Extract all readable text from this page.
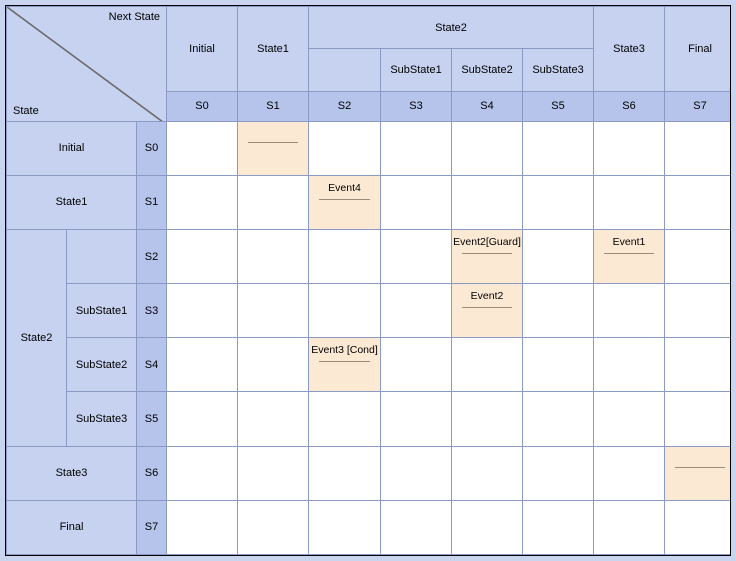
Next State
State			Initial	State1	State2				State3	Final
						SubState1	SubState2	SubState3		
			S0	S1	S2	S3	S4	S5	S6	S7
Initial		S0		

State1		S1			Event4					

State2		S2					Event2[Guard]		Event1	

	SubState1	S3					Event2			

	SubState2	S4			Event3 [Cond]					

	SubState3	S5								
State3		S6								

Final		S7								
